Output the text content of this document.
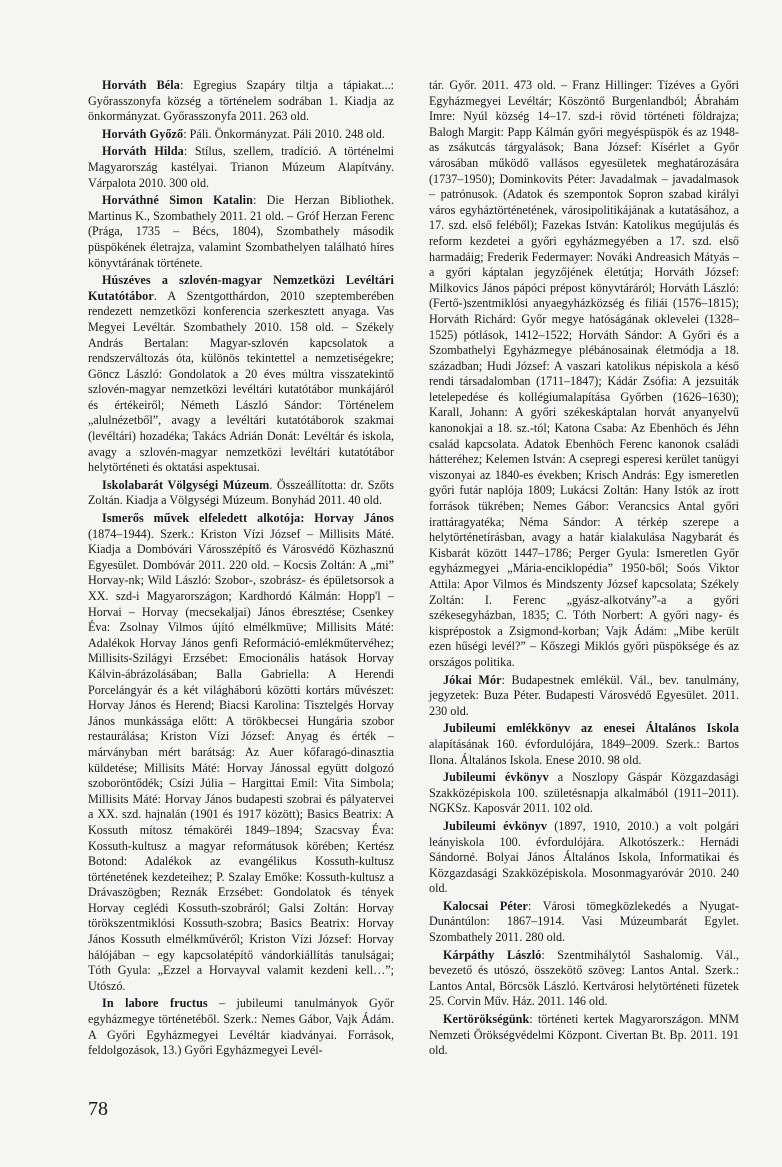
Horváth Béla: Egregius Szapáry tiltja a tápiakat...: Győrasszonyfa község a történelem sodrában 1. Kiadja az önkormányzat. Győrasszonyfa 2011. 263 old.

Horváth Győző: Páli. Önkormányzat. Páli 2010. 248 old.

Horváth Hilda: Stílus, szellem, tradíció. A történelmi Magyarország kastélyai. Trianon Múzeum Alapítvány. Várpalota 2010. 300 old.

Horváthné Simon Katalin: Die Herzan Bibliothek. Martinus K., Szombathely 2011. 21 old. – Gróf Herzan Ferenc (Prága, 1735 – Bécs, 1804), Szombathely második püspökének életrajza, valamint Szombathelyen található híres könyvtárának története.

Húszéves a szlovén-magyar Nemzetközi Levéltári Kutatótábor. A Szentgotthárdon, 2010 szeptemberében rendezett nemzetközi konferencia szerkesztett anyaga. Vas Megyei Levéltár. Szombathely 2010. 158 old. – Székely András Bertalan: Magyar-szlovén kapcsolatok a rendszerváltozás óta, különös tekintettel a nemzetiségekre; Göncz László: Gondolatok a 20 éves múltra visszatekintő szlovén-magyar nemzetközi levéltári kutatótábor munkájáról és értékeiről; Németh László Sándor: Történelem „alulnézetből”, avagy a levéltári kutatótáborok szakmai (levéltári) hozadéka; Takács Adrián Donát: Levéltár és iskola, avagy a szlovén-magyar nemzetközi levéltári kutatótábor helytörténeti és oktatási aspektusai.

Iskolabarát Völgységi Múzeum. Összeállította: dr. Szőts Zoltán. Kiadja a Völgységi Múzeum. Bonyhád 2011. 40 old.

Ismerős művek elfeledett alkotója: Horvay János (1874–1944). Szerk.: Kriston Vízi József – Millisits Máté. Kiadja a Dombóvári Városszépítő és Városvédő Közhasznú Egyesület. Dombóvár 2011. 220 old. – Kocsis Zoltán: A „mi” Horvay-nk; Wild László: Szobor-, szobrász- és épületsorsok a XX. szd-i Magyarországon; Kardhordó Kálmán: Hopp'l – Horvai – Horvay (mecsekaljai) János ébresztése; Csenkey Éva: Zsolnay Vilmos újító elmélkmüve; Millisits Máté: Adalékok Horvay János genfi Reformáció-emlékműtervéhez; Millisits-Szilágyi Erzsébet: Emocionális hatások Horvay Kálvin-ábrázolásában; Balla Gabriella: A Herendi Porcelángyár és a két világháború közötti kortárs művészet: Horvay János és Herend; Biacsi Karolina: Tisztelgés Horvay János munkássága előtt: A törökbecsei Hungária szobor restaurálása; Kriston Vízi József: Anyag és érték – márványban mért barátság: Az Auer kőfaragó-dinasztia küldetése; Millisits Máté: Horvay Jánossal együtt dolgozó szoboröntődék; Csízi Júlia – Hargittai Emil: Vita Simbola; Millisits Máté: Horvay János budapesti szobrai és pályatervei a XX. szd. hajnalán (1901 és 1917 között); Basics Beatrix: A Kossuth mítosz témaköréi 1849–1894; Szacsvay Éva: Kossuth-kultusz a magyar reformátusok körében; Kertész Botond: Adalékok az evangélikus Kossuth-kultusz történetének kezdeteihez; P. Szalay Emőke: Kossuth-kultusz a Drávaszögben; Reznák Erzsébet: Gondolatok és tények Horvay ceglédi Kossuth-szobráról; Galsi Zoltán: Horvay törökszentmiklósi Kossuth-szobra; Basics Beatrix: Horvay János Kossuth elmélkművéről; Kriston Vízi József: Horvay hálójában – egy kapcsolatépítő vándorkiállítás tanulságai; Tóth Gyula: „Ezzel a Horvayval valamit kezdeni kell…”; Utószó.

In labore fructus – jubileumi tanulmányok Győr egyházmegye történetéből. Szerk.: Nemes Gábor, Vajk Ádám. A Győri Egyházmegyei Levéltár kiadványai. Források, feldolgozások, 13.) Győri Egyházmegyei Levél-

tár. Győr. 2011. 473 old. – Franz Hillinger: Tízéves a Győri Egyházmegyei Levéltár; Köszöntő Burgenlandból; Ábrahám Imre: Nyúl község 14–17. szd-i rövid történeti földrajza; Balogh Margit: Papp Kálmán győri megyéspüspök és az 1948-as zsákutcás tárgyalások; Bana József: Kísérlet a Győr városában működő vallásos egyesületek meghatározására (1737–1950); Dominkovits Péter: Javadalmak – javadalmasok – patrónusok. (Adatok és szempontok Sopron szabad királyi város egyháztörténetének, városipolitikájának a kutatásához, a 17. szd. első feléből); Fazekas István: Katolikus megújulás és reform kezdetei a győri egyházmegyében a 17. szd. első harmadáig; Frederik Federmayer: Nováki Andreasich Mátyás – a győri káptalan jegyzőjének életútja; Horváth József: Milkovics János pápóci prépost könyvtáráról; Horváth László: (Fertő-)szentmiklósi anyaegyházközség és filiái (1576–1815); Horváth Richárd: Győr megye hatóságának oklevelei (1328–1525) pótlások, 1412–1522; Horváth Sándor: A Győri és a Szombathelyi Egyházmegye plébánosainak életmódja a 18. században; Hudi József: A vaszari katolikus népiskola a késő rendi társadalomban (1711–1847); Kádár Zsófia: A jezsuiták letelepedése és kollégiumalapítása Győrben (1626–1630); Karall, Johann: A győri székeskáptalan horvát anyanyelvű kanonokjai a 18. sz.-tól; Katona Csaba: Az Ebenhöch és Jéhn család kapcsolata. Adatok Ebenhöch Ferenc kanonok családi hátteréhez; Kelemen István: A csepregi esperesi kerület tanügyi viszonyai az 1840-es években; Krisch András: Egy ismeretlen győri futár naplója 1809; Lukácsi Zoltán: Hany Istók az írott források tükrében; Nemes Gábor: Verancsics Antal győri irattáragyatéka; Néma Sándor: A térkép szerepe a helytörténetírásban, avagy a határ kialakulása Nagybarát és Kisbarát között 1447–1786; Perger Gyula: Ismeretlen Győr egyházmegyei „Mária-enciklopédia” 1950-ből; Soós Viktor Attila: Apor Vilmos és Mindszenty József kapcsolata; Székely Zoltán: I. Ferenc „gyász-alkotvány”-a a győri székesegyházban, 1835; C. Tóth Norbert: A győri nagy- és kisprépostok a Zsigmond-korban; Vajk Ádám: „Mibe került ezen hűségi levél?” – Kőszegi Miklós győri püspöksége és az országos politika.

Jókai Mór: Budapestnek emlékül. Vál., bev. tanulmány, jegyzetek: Buza Péter. Budapesti Városvédő Egyesület. 2011. 230 old.

Jubileumi emlékkönyv az enesei Általános Iskola alapításának 160. évfordulójára, 1849–2009. Szerk.: Bartos Ilona. Általános Iskola. Enese 2010. 98 old.

Jubileumi évkönyv a Noszlopy Gáspár Közgazdasági Szakközépiskola 100. születésnapja alkalmából (1911–2011). NGKSz. Kaposvár 2011. 102 old.

Jubileumi évkönyv (1897, 1910, 2010.) a volt polgári leányiskola 100. évfordulójára. Alkotószerk.: Hernádi Sándorné. Bolyai János Általános Iskola, Informatikai és Közgazdasági Szakközépiskola. Mosonmagyaróvár 2010. 240 old.

Kalocsai Péter: Városi tömegközlekedés a Nyugat-Dunántúlon: 1867–1914. Vasi Múzeumbarát Egylet. Szombathely 2011. 280 old.

Kárpáthy László: Szentmihálytól Sashalomig. Vál., bevezető és utószó, összekötő szöveg: Lantos Antal. Szerk.: Lantos Antal, Börcsök László. Kertvárosi helytörténeti füzetek 25. Corvin Műv. Ház. 2011. 146 old.

Kertörökségünk: történeti kertek Magyarországon. MNM Nemzeti Örökségvédelmi Központ. Civertan Bt. Bp. 2011. 191 old.

78
